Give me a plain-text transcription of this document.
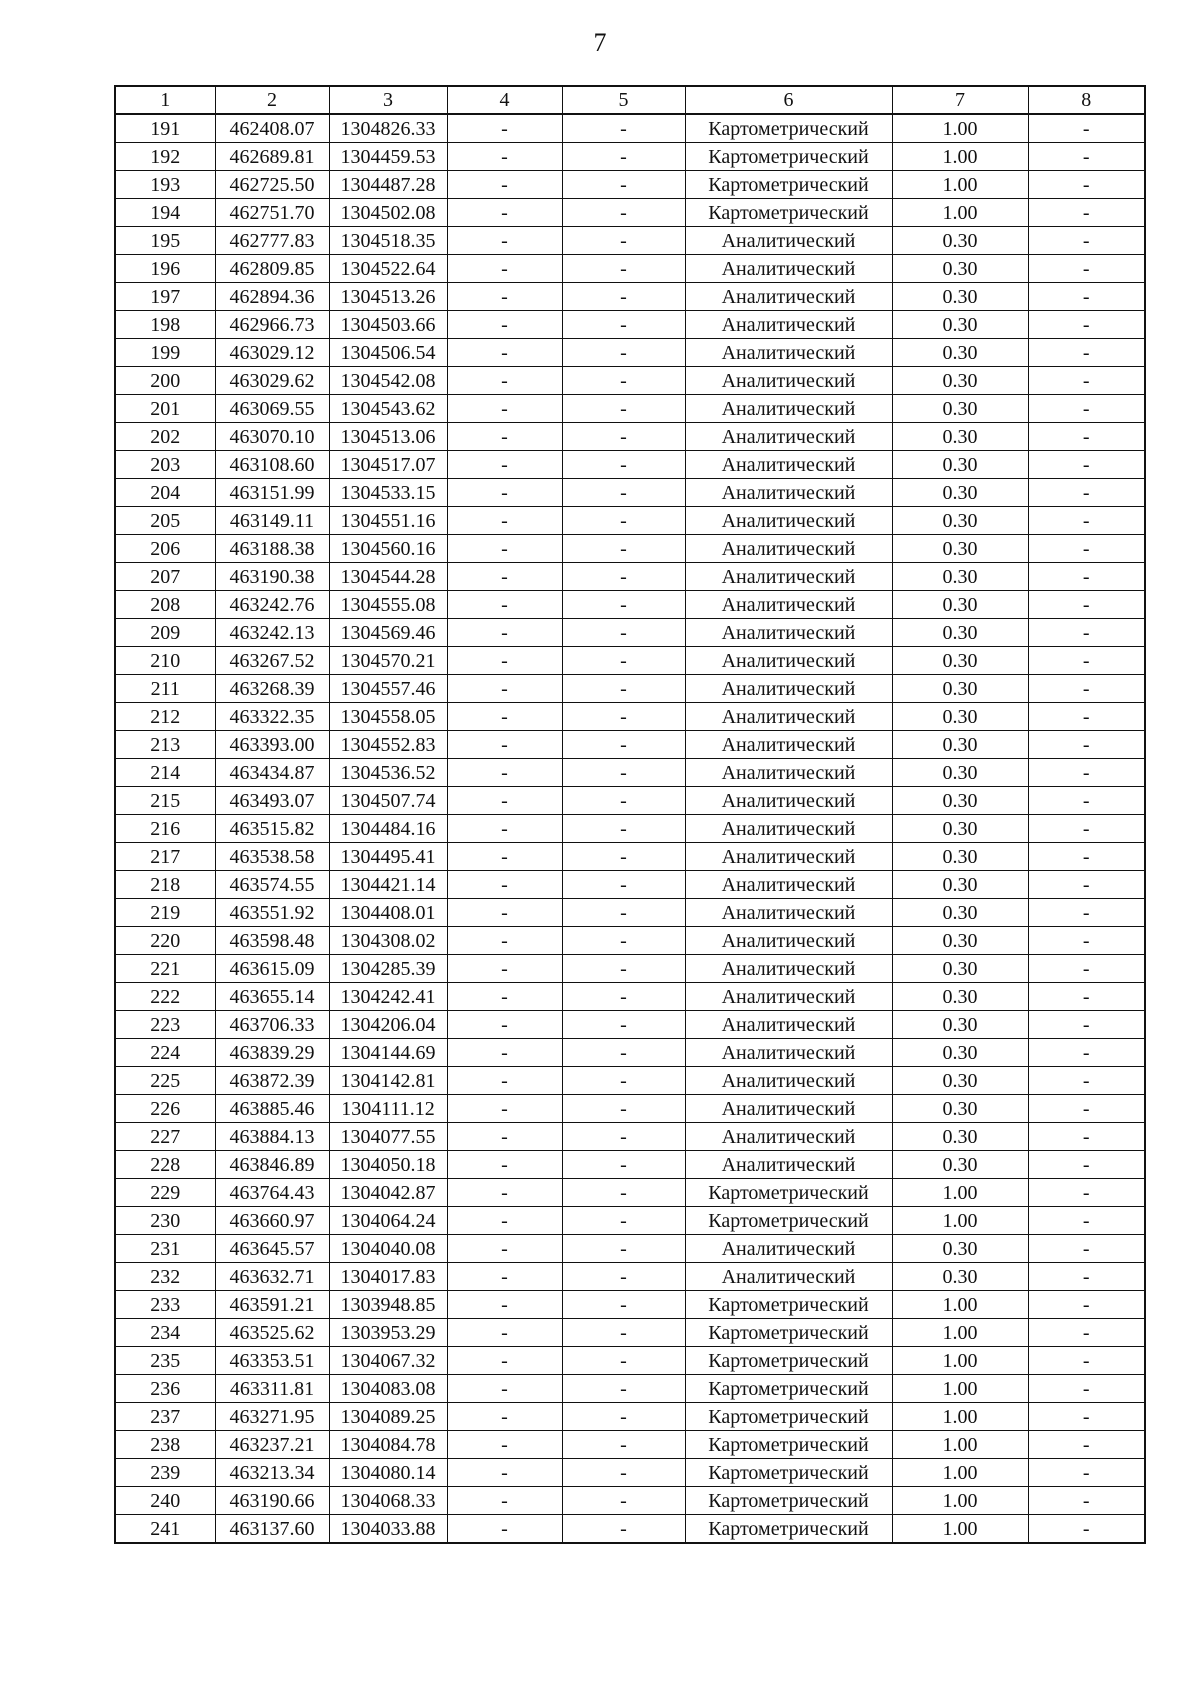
7
1	2	3	4	5	6	7	8
191	462408.07	1304826.33	-	-	Картометрический	1.00	-
192	462689.81	1304459.53	-	-	Картометрический	1.00	-
193	462725.50	1304487.28	-	-	Картометрический	1.00	-
194	462751.70	1304502.08	-	-	Картометрический	1.00	-
195	462777.83	1304518.35	-	-	Аналитический	0.30	-
196	462809.85	1304522.64	-	-	Аналитический	0.30	-
197	462894.36	1304513.26	-	-	Аналитический	0.30	-
198	462966.73	1304503.66	-	-	Аналитический	0.30	-
199	463029.12	1304506.54	-	-	Аналитический	0.30	-
200	463029.62	1304542.08	-	-	Аналитический	0.30	-
201	463069.55	1304543.62	-	-	Аналитический	0.30	-
202	463070.10	1304513.06	-	-	Аналитический	0.30	-
203	463108.60	1304517.07	-	-	Аналитический	0.30	-
204	463151.99	1304533.15	-	-	Аналитический	0.30	-
205	463149.11	1304551.16	-	-	Аналитический	0.30	-
206	463188.38	1304560.16	-	-	Аналитический	0.30	-
207	463190.38	1304544.28	-	-	Аналитический	0.30	-
208	463242.76	1304555.08	-	-	Аналитический	0.30	-
209	463242.13	1304569.46	-	-	Аналитический	0.30	-
210	463267.52	1304570.21	-	-	Аналитический	0.30	-
211	463268.39	1304557.46	-	-	Аналитический	0.30	-
212	463322.35	1304558.05	-	-	Аналитический	0.30	-
213	463393.00	1304552.83	-	-	Аналитический	0.30	-
214	463434.87	1304536.52	-	-	Аналитический	0.30	-
215	463493.07	1304507.74	-	-	Аналитический	0.30	-
216	463515.82	1304484.16	-	-	Аналитический	0.30	-
217	463538.58	1304495.41	-	-	Аналитический	0.30	-
218	463574.55	1304421.14	-	-	Аналитический	0.30	-
219	463551.92	1304408.01	-	-	Аналитический	0.30	-
220	463598.48	1304308.02	-	-	Аналитический	0.30	-
221	463615.09	1304285.39	-	-	Аналитический	0.30	-
222	463655.14	1304242.41	-	-	Аналитический	0.30	-
223	463706.33	1304206.04	-	-	Аналитический	0.30	-
224	463839.29	1304144.69	-	-	Аналитический	0.30	-
225	463872.39	1304142.81	-	-	Аналитический	0.30	-
226	463885.46	1304111.12	-	-	Аналитический	0.30	-
227	463884.13	1304077.55	-	-	Аналитический	0.30	-
228	463846.89	1304050.18	-	-	Аналитический	0.30	-
229	463764.43	1304042.87	-	-	Картометрический	1.00	-
230	463660.97	1304064.24	-	-	Картометрический	1.00	-
231	463645.57	1304040.08	-	-	Аналитический	0.30	-
232	463632.71	1304017.83	-	-	Аналитический	0.30	-
233	463591.21	1303948.85	-	-	Картометрический	1.00	-
234	463525.62	1303953.29	-	-	Картометрический	1.00	-
235	463353.51	1304067.32	-	-	Картометрический	1.00	-
236	463311.81	1304083.08	-	-	Картометрический	1.00	-
237	463271.95	1304089.25	-	-	Картометрический	1.00	-
238	463237.21	1304084.78	-	-	Картометрический	1.00	-
239	463213.34	1304080.14	-	-	Картометрический	1.00	-
240	463190.66	1304068.33	-	-	Картометрический	1.00	-
241	463137.60	1304033.88	-	-	Картометрический	1.00	-
